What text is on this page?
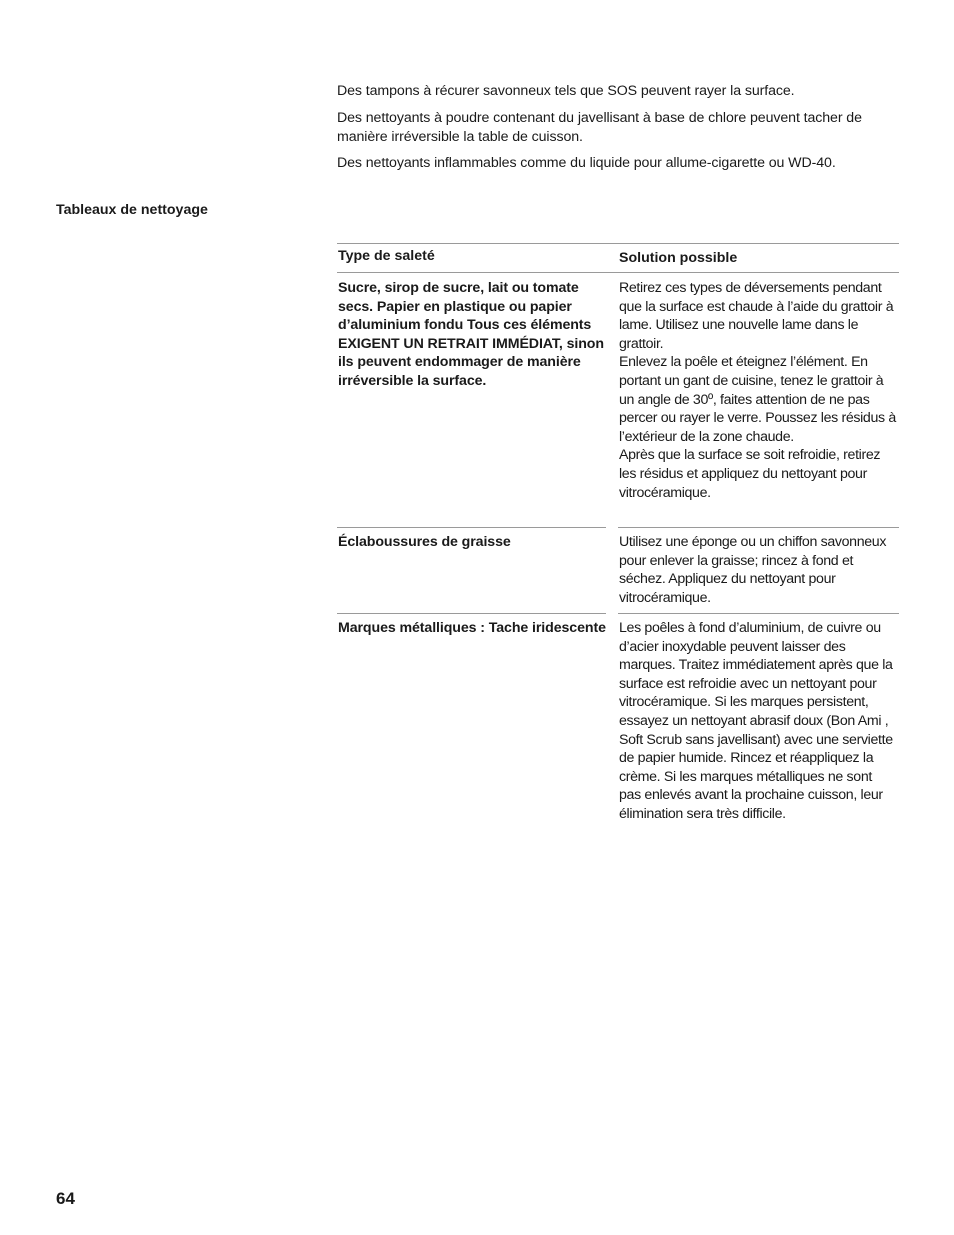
Des tampons à récurer savonneux tels que SOS peuvent rayer la surface.

Des nettoyants à poudre contenant du javellisant à base de chlore peuvent tacher de manière irréversible la table de cuisson.

Des nettoyants inflammables comme du liquide pour allume-cigarette ou WD-40.

Tableaux de nettoyage
Type de saleté	Solution possible

Sucre, sirop de sucre, lait ou tomate secs. Papier en plastique ou papier d’aluminium fondu Tous ces éléments EXIGENT UN RETRAIT IMMÉDIAT, sinon ils peuvent endommager de manière irréversible la surface.

Retirez ces types de déversements pendant que la surface est chaude à l’aide du grattoir à lame. Utilisez une nouvelle lame dans le grattoir.
Enlevez la poêle et éteignez l’élément. En portant un gant de cuisine, tenez le grattoir à un angle de 30º, faites attention de ne pas percer ou rayer le verre. Poussez les résidus à l’extérieur de la zone chaude.
Après que la surface se soit refroidie, retirez les résidus et appliquez du nettoyant pour vitrocéramique.

Éclaboussures de graisse	Utilisez une éponge ou un chiffon savonneux pour enlever la graisse; rincez à fond et séchez. Appliquez du nettoyant pour vitrocéramique.

Marques métalliques : Tache iridescente Les poêles à fond d’aluminium, de cuivre ou d’acier inoxydable peuvent laisser des marques. Traitez immédiatement après que la surface est refroidie avec un nettoyant pour vitrocéramique. Si les marques persistent, essayez un nettoyant abrasif doux (Bon Ami , Soft Scrub sans javellisant) avec une serviette de papier humide. Rincez et réappliquez la crème. Si les marques métalliques ne sont pas enlevés avant la prochaine cuisson, leur élimination sera très difficile.
64
